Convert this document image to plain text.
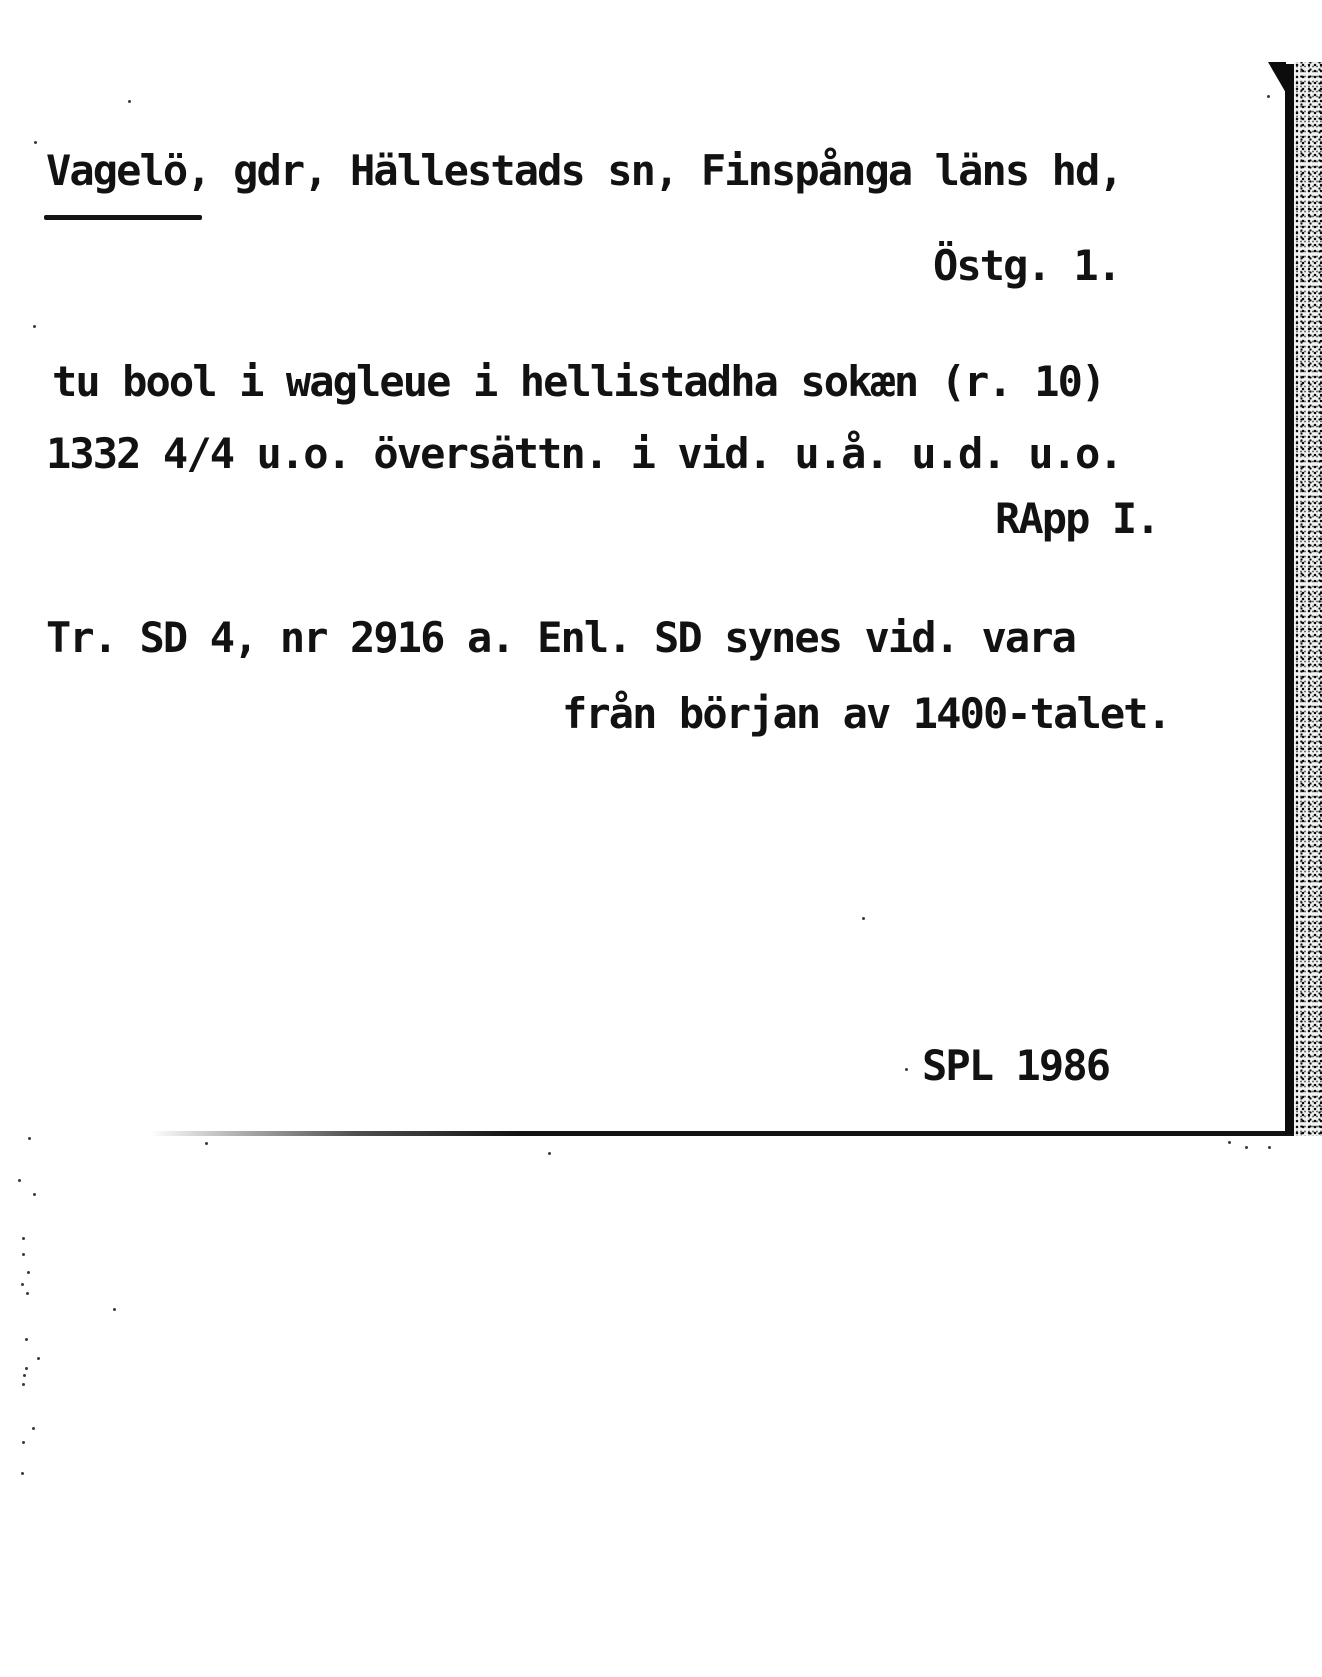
Vagelö, gdr, Hällestads sn, Finspånga läns hd,
Östg. 1.
tu bool i wagleue i hellistadha sokæn (r. 10)
1332 4/4 u.o. översättn. i vid. u.å. u.d. u.o.
RApp I.
Tr. SD 4, nr 2916 a. Enl. SD synes vid. vara
från början av 1400-talet.
SPL 1986
